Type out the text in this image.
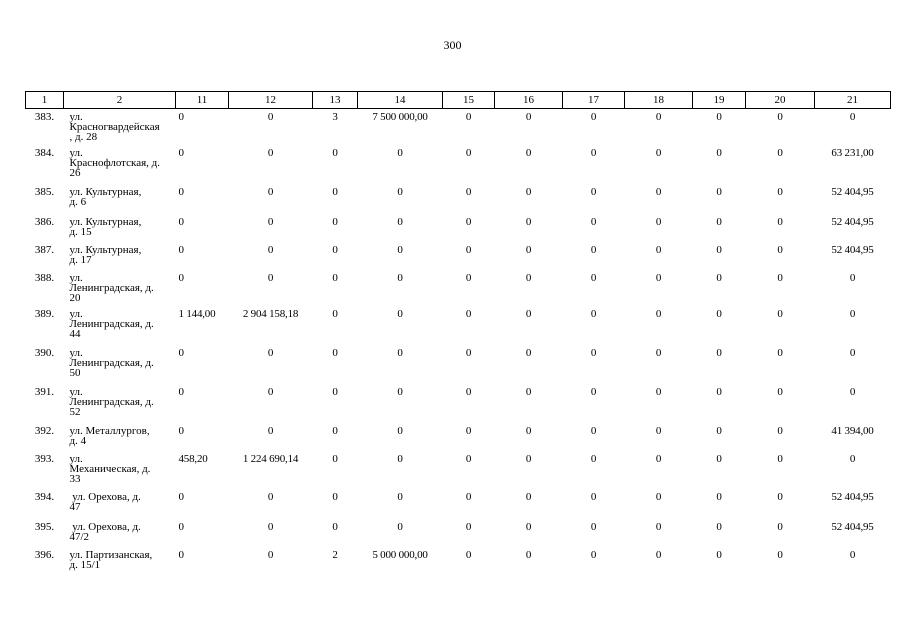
300
1	2	11	12	13	14	15	16	17	18	19	20	21
383.	ул.
Красногвардейская
, д. 28	0	0	3	7 500 000,00	0	0	0	0	0	0	0
384.	ул.
Краснофлотская, д.
26	0	0	0	0	0	0	0	0	0	0	63 231,00
385.	ул. Культурная,
д. 6	0	0	0	0	0	0	0	0	0	0	52 404,95
386.	ул. Культурная,
д. 15	0	0	0	0	0	0	0	0	0	0	52 404,95
387.	ул. Культурная,
д. 17	0	0	0	0	0	0	0	0	0	0	52 404,95
388.	ул.
Ленинградская, д.
20	0	0	0	0	0	0	0	0	0	0	0
389.	ул.
Ленинградская, д.
44	1 144,00	2 904 158,18	0	0	0	0	0	0	0	0	0
390.	ул.
Ленинградская, д.
50	0	0	0	0	0	0	0	0	0	0	0
391.	ул.
Ленинградская, д.
52	0	0	0	0	0	0	0	0	0	0	0
392.	ул. Металлургов,
д. 4	0	0	0	0	0	0	0	0	0	0	41 394,00
393.	ул.
Механическая, д.
33	458,20	1 224 690,14	0	0	0	0	0	0	0	0	0
394.	ул. Орехова, д.
47	0	0	0	0	0	0	0	0	0	0	52 404,95
395.	ул. Орехова, д.
47/2	0	0	0	0	0	0	0	0	0	0	52 404,95
396.	ул. Партизанская,
д. 15/1	0	0	2	5 000 000,00	0	0	0	0	0	0	0
